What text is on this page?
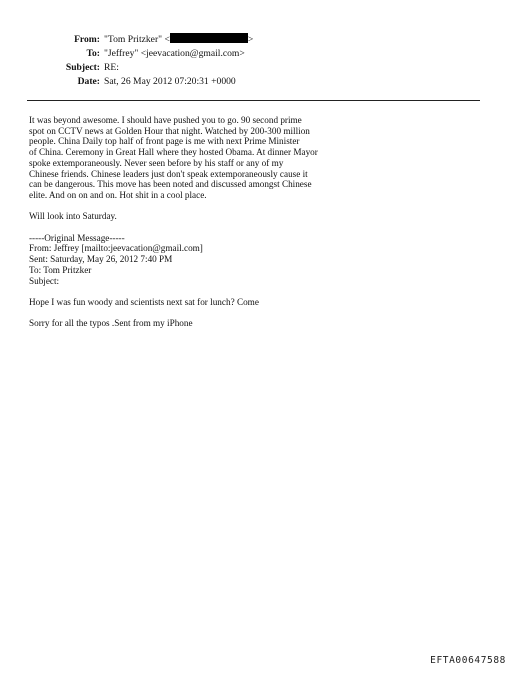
From: "Tom Pritzker" <	>
To: "Jeffrey" <jeevacation@gmail.com>
Subject: RE:
Date: Sat, 26 May 2012 07:20:31 +0000
It was beyond awesome. I should have pushed you to go. 90 second prime
spot on CCTV news at Golden Hour that night. Watched by 200-300 million
people. China Daily top half of front page is me with next Prime Minister
of China. Ceremony in Great Hall where they hosted Obama. At dinner Mayor
spoke extemporaneously. Never seen before by his staff or any of my
Chinese friends. Chinese leaders just don't speak extemporaneously cause it
can be dangerous. This move has been noted and discussed amongst Chinese
elite. And on on and on. Hot shit in a cool place.
Will look into Saturday.
-----Original Message-----
From: Jeffrey [mailto:jeevacation@gmail.com]
Sent: Saturday, May 26, 2012 7:40 PM
To: Tom Pritzker
Subject:
Hope I was fun woody and scientists next sat for lunch? Come
Sorry for all the typos .Sent from my iPhone
EFTA00647588
